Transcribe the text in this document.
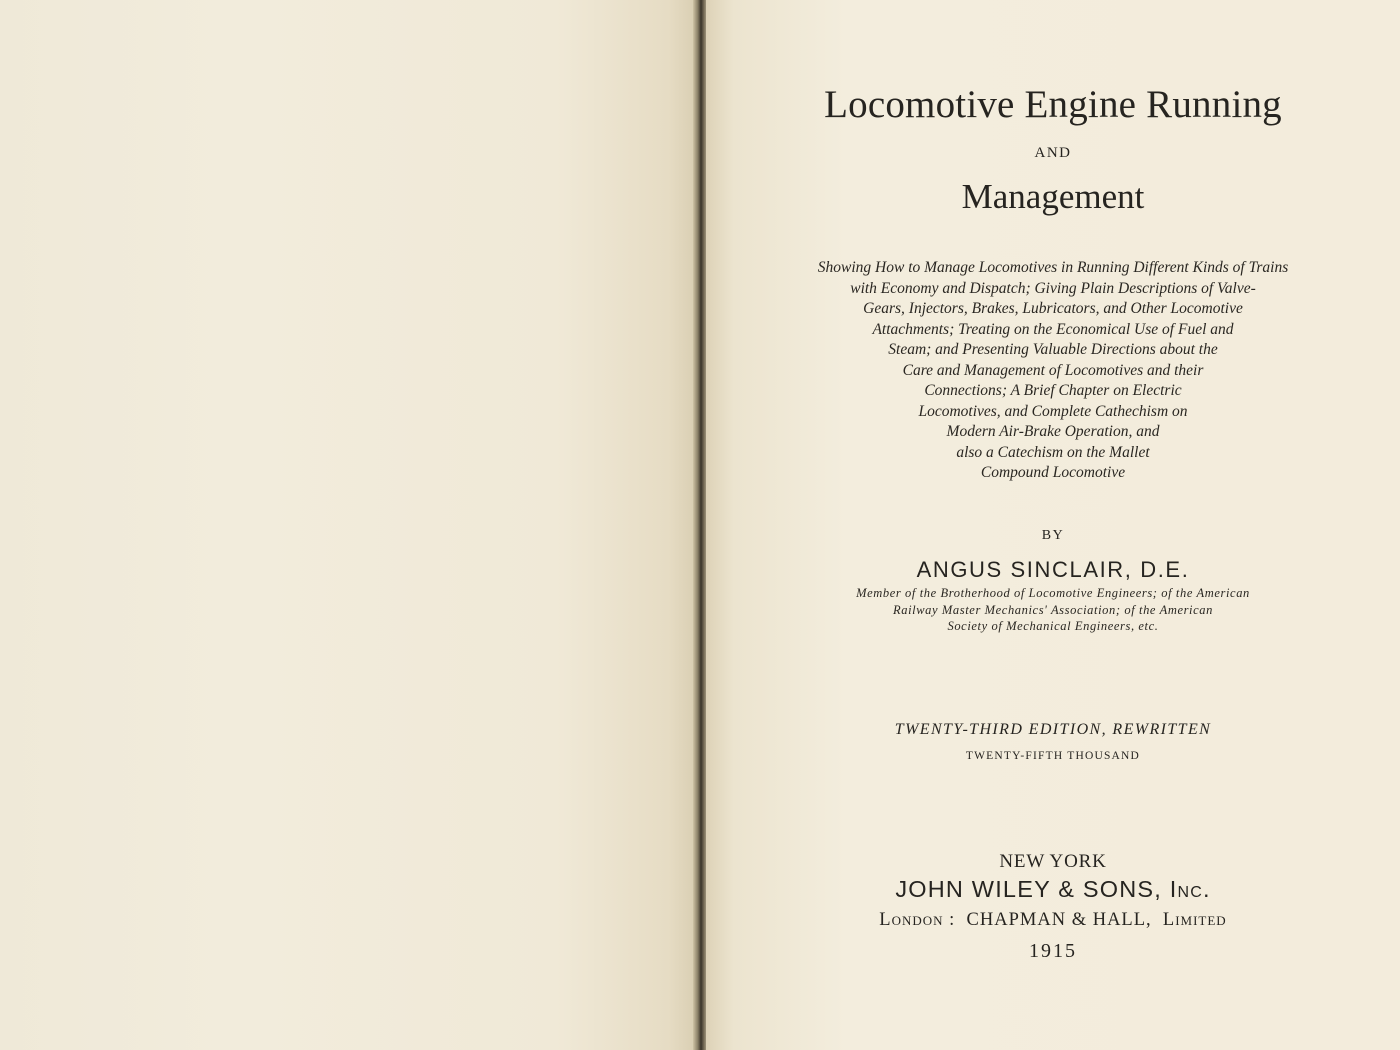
Locomotive Engine Running

AND

Management

Showing How to Manage Locomotives in Running Different Kinds of Trains
with Economy and Dispatch; Giving Plain Descriptions of Valve-
Gears, Injectors, Brakes, Lubricators, and Other Locomotive
Attachments; Treating on the Economical Use of Fuel and
Steam; and Presenting Valuable Directions about the
Care and Management of Locomotives and their
Connections; A Brief Chapter on Electric
Locomotives, and Complete Cathechism on
Modern Air-Brake Operation, and
also a Catechism on the Mallet
Compound Locomotive

BY

ANGUS SINCLAIR, D.E.

Member of the Brotherhood of Locomotive Engineers; of the American
Railway Master Mechanics' Association; of the American
Society of Mechanical Engineers, etc.

TWENTY-THIRD EDITION, REWRITTEN

TWENTY-FIFTH THOUSAND

NEW YORK

JOHN WILEY & SONS, Inc.

London : CHAPMAN & HALL, Limited

1915
